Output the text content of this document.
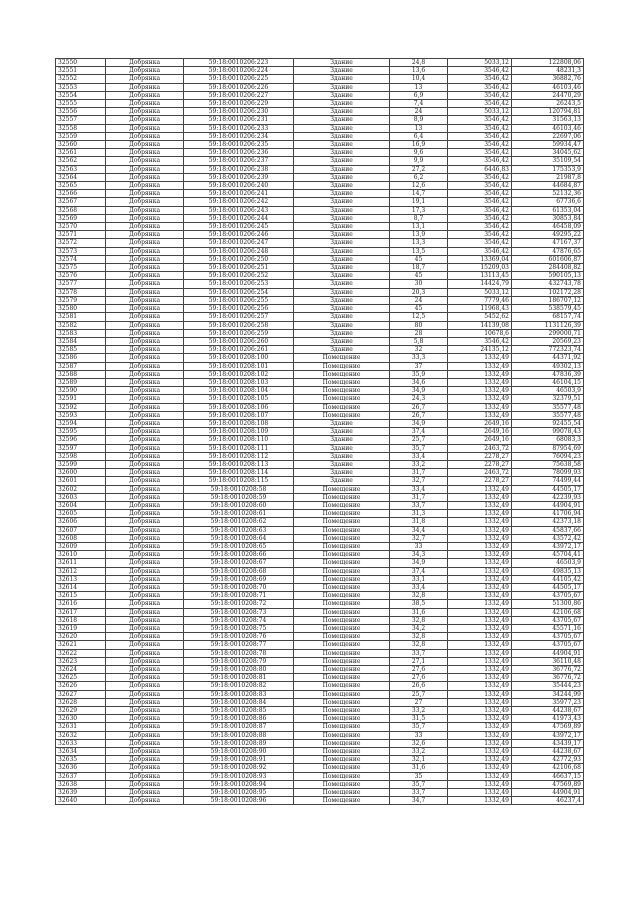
32550	Добрянка	59:18:0010206:223	Здание	24,8	5033,12	122808,06
32551	Добрянка	59:18:0010206:224	Здание	13,6	3546,42	48231,3
32552	Добрянка	59:18:0010206:225	Здание	10,4	3546,42	36882,76
32553	Добрянка	59:18:0010206:226	Здание	13	3546,42	46103,46
32554	Добрянка	59:18:0010206:227	Здание	6,9	3546,42	24470,29
32555	Добрянка	59:18:0010206:229	Здание	7,4	3546,42	26243,5
32556	Добрянка	59:18:0010206:230	Здание	24	5033,12	120794,81
32557	Добрянка	59:18:0010206:231	Здание	8,9	3546,42	31563,13
32558	Добрянка	59:18:0010206:233	Здание	13	3546,42	46103,46
32559	Добрянка	59:18:0010206:234	Здание	6,4	3546,42	22697,06
32560	Добрянка	59:18:0010206:235	Здание	16,9	3546,42	59934,47
32561	Добрянка	59:18:0010206:236	Здание	9,6	3546,42	34045,62
32562	Добрянка	59:18:0010206:237	Здание	9,9	3546,42	35109,54
32563	Добрянка	59:18:0010206:238	Здание	27,2	6446,83	175353,9
32564	Добрянка	59:18:0010206:239	Здание	6,2	3546,42	21987,8
32565	Добрянка	59:18:0010206:240	Здание	12,6	3546,42	44684,87
32566	Добрянка	59:18:0010206:241	Здание	14,7	3546,42	52132,36
32567	Добрянка	59:18:0010206:242	Здание	19,1	3546,42	67736,6
32568	Добрянка	59:18:0010206:243	Здание	17,3	3546,42	61353,04
32569	Добрянка	59:18:0010206:244	Здание	8,7	3546,42	30853,84
32570	Добрянка	59:18:0010206:245	Здание	13,1	3546,42	46458,09
32571	Добрянка	59:18:0010206:246	Здание	13,9	3546,42	49295,22
32572	Добрянка	59:18:0010206:247	Здание	13,3	3546,42	47167,37
32573	Добрянка	59:18:0010206:248	Здание	13,5	3546,42	47876,65
32574	Добрянка	59:18:0010206:250	Здание	45	13369,04	601606,87
32575	Добрянка	59:18:0010206:251	Здание	18,7	15209,03	284408,82
32576	Добрянка	59:18:0010206:252	Здание	45	13113,45	590105,13
32577	Добрянка	59:18:0010206:253	Здание	30	14424,79	432743,78
32578	Добрянка	59:18:0010206:254	Здание	20,3	5033,12	102172,28
32579	Добрянка	59:18:0010206:255	Здание	24	7779,46	186707,12
32580	Добрянка	59:18:0010206:256	Здание	45	11968,43	538579,45
32581	Добрянка	59:18:0010206:257	Здание	12,5	5452,62	68157,74
32582	Добрянка	59:18:0010206:258	Здание	80	14139,08	1131126,39
32583	Добрянка	59:18:0010206:259	Здание	28	10678,6	299000,71
32584	Добрянка	59:18:0010206:260	Здание	5,8	3546,42	20569,23
32585	Добрянка	59:18:0010206:261	Здание	32	24135,12	772323,74
32586	Добрянка	59:18:0010208:100	Помещение	33,3	1332,49	44371,92
32587	Добрянка	59:18:0010208:101	Помещение	37	1332,49	49302,13
32588	Добрянка	59:18:0010208:102	Помещение	35,9	1332,49	47836,39
32589	Добрянка	59:18:0010208:103	Помещение	34,6	1332,49	46104,15
32590	Добрянка	59:18:0010208:104	Помещение	34,9	1332,49	46503,9
32591	Добрянка	59:18:0010208:105	Помещение	24,3	1332,49	32379,51
32592	Добрянка	59:18:0010208:106	Помещение	26,7	1332,49	35577,48
32593	Добрянка	59:18:0010208:107	Помещение	26,7	1332,49	35577,48
32594	Добрянка	59:18:0010208:108	Здание	34,9	2649,16	92455,54
32595	Добрянка	59:18:0010208:109	Здание	37,4	2649,16	99078,43
32596	Добрянка	59:18:0010208:110	Здание	25,7	2649,16	68083,3
32597	Добрянка	59:18:0010208:111	Здание	35,7	2463,72	87954,69
32598	Добрянка	59:18:0010208:112	Здание	33,4	2278,27	76094,23
32599	Добрянка	59:18:0010208:113	Здание	33,2	2278,27	75638,58
32600	Добрянка	59:18:0010208:114	Здание	31,7	2463,72	78099,93
32601	Добрянка	59:18:0010208:115	Здание	32,7	2278,27	74499,44
32602	Добрянка	59:18:0010208:58	Помещение	33,4	1332,49	44505,17
32603	Добрянка	59:18:0010208:59	Помещение	31,7	1332,49	42239,93
32604	Добрянка	59:18:0010208:60	Помещение	33,7	1332,49	44904,91
32605	Добрянка	59:18:0010208:61	Помещение	31,3	1332,49	41706,94
32606	Добрянка	59:18:0010208:62	Помещение	31,8	1332,49	42373,18
32607	Добрянка	59:18:0010208:63	Помещение	34,4	1332,49	45837,66
32608	Добрянка	59:18:0010208:64	Помещение	32,7	1332,49	43572,42
32609	Добрянка	59:18:0010208:65	Помещение	33	1332,49	43972,17
32610	Добрянка	59:18:0010208:66	Помещение	34,3	1332,49	45704,41
32611	Добрянка	59:18:0010208:67	Помещение	34,9	1332,49	46503,9
32612	Добрянка	59:18:0010208:68	Помещение	37,4	1332,49	49835,13
32613	Добрянка	59:18:0010208:69	Помещение	33,1	1332,49	44105,42
32614	Добрянка	59:18:0010208:70	Помещение	33,4	1332,49	44505,17
32615	Добрянка	59:18:0010208:71	Помещение	32,8	1332,49	43705,67
32616	Добрянка	59:18:0010208:72	Помещение	38,5	1332,49	51300,86
32617	Добрянка	59:18:0010208:73	Помещение	31,6	1332,49	42106,68
32618	Добрянка	59:18:0010208:74	Помещение	32,8	1332,49	43705,67
32619	Добрянка	59:18:0010208:75	Помещение	34,2	1332,49	45571,16
32620	Добрянка	59:18:0010208:76	Помещение	32,8	1332,49	43705,67
32621	Добрянка	59:18:0010208:77	Помещение	32,8	1332,49	43705,67
32622	Добрянка	59:18:0010208:78	Помещение	33,7	1332,49	44904,91
32623	Добрянка	59:18:0010208:79	Помещение	27,1	1332,49	36110,48
32624	Добрянка	59:18:0010208:80	Помещение	27,6	1332,49	36776,72
32625	Добрянка	59:18:0010208:81	Помещение	27,6	1332,49	36776,72
32626	Добрянка	59:18:0010208:82	Помещение	26,6	1332,49	35444,23
32627	Добрянка	59:18:0010208:83	Помещение	25,7	1332,49	34244,99
32628	Добрянка	59:18:0010208:84	Помещение	27	1332,49	35977,23
32629	Добрянка	59:18:0010208:85	Помещение	33,2	1332,49	44238,67
32630	Добрянка	59:18:0010208:86	Помещение	31,5	1332,49	41973,43
32631	Добрянка	59:18:0010208:87	Помещение	35,7	1332,49	47569,89
32632	Добрянка	59:18:0010208:88	Помещение	33	1332,49	43972,17
32633	Добрянка	59:18:0010208:89	Помещение	32,6	1332,49	43439,17
32634	Добрянка	59:18:0010208:90	Помещение	33,2	1332,49	44238,67
32635	Добрянка	59:18:0010208:91	Помещение	32,1	1332,49	42772,93
32636	Добрянка	59:18:0010208:92	Помещение	31,6	1332,49	42106,68
32637	Добрянка	59:18:0010208:93	Помещение	35	1332,49	46637,15
32638	Добрянка	59:18:0010208:94	Помещение	35,7	1332,49	47569,89
32639	Добрянка	59:18:0010208:95	Помещение	33,7	1332,49	44904,91
32640	Добрянка	59:18:0010208:96	Помещение	34,7	1332,49	46237,4
